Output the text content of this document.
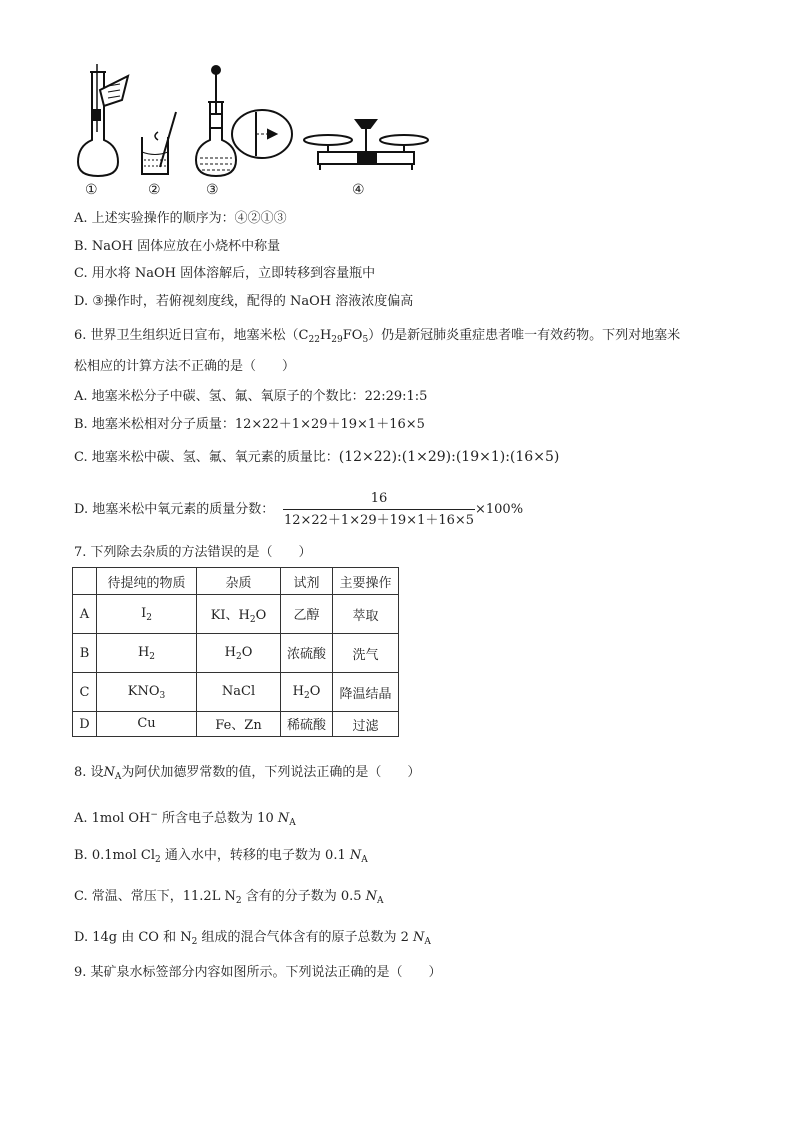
①	②	③	④
A. 上述实验操作的顺序为：④②①③
B. NaOH 固体应放在小烧杯中称量
C. 用水将 NaOH 固体溶解后，立即转移到容量瓶中
D. ③操作时，若俯视刻度线，配得的 NaOH 溶液浓度偏高
6. 世界卫生组织近日宣布，地塞米松$(C_{22}H_{29}FO_5)$仍是新冠肺炎重症患者唯一有效药物。下列对地塞米
松相应的计算方法不正确的是（　　）
A. 地塞米松分子中碳、氢、氟、氧原子的个数比：22:29:1:5
B. 地塞米松相对分子质量：12×22＋1×29＋19×1＋16×5
C. 地塞米松中碳、氢、氟、氧元素的质量比：(12×22):(1×29):(19×1):(16×5)
D. 地塞米松中氧元素的质量分数：
16
12×22＋1×29＋19×1＋16×5
×100%
7. 下列除去杂质的方法错误的是（　　）
	待提纯的物质	杂质	试剂	主要操作
A	$I_2$	KI、$H_2O$	乙醇	萃取
B	$H_2$	$H_2O$	浓硫酸	洗气
C	$KNO_3$	NaCl	$H_2O$	降温结晶
D	Cu	Fe、Zn	稀硫酸	过滤
8. 设$N_A$为阿伏加德罗常数的值，下列说法正确的是（　　）
A. 1mol OH− 所含电子总数为 10 $N_A$
B. 0.1mol $Cl_2$ 通入水中，转移的电子数为 0.1 $N_A$
C. 常温、常压下，11.2L $N_2$ 含有的分子数为 0.5 $N_A$
D. 14g 由 CO 和 $N_2$ 组成的混合气体含有的原子总数为 2 $N_A$
9. 某矿泉水标签部分内容如图所示。下列说法正确的是（　　）
